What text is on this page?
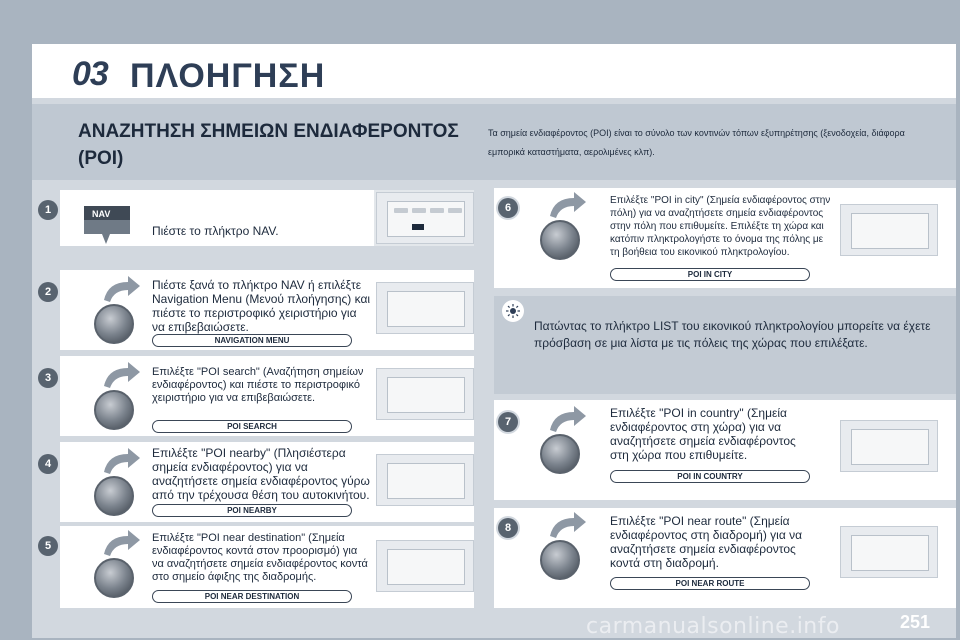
03 ΠΛΟΗΓΗΣΗ
ΑΝΑΖΗΤΗΣΗ ΣΗΜΕΙΩΝ ΕΝΔΙΑΦΕΡΟΝΤΟΣ (POI)
Τα σημεία ενδιαφέροντος (POI) είναι το σύνολο των κοντινών τόπων εξυπηρέτησης (ξενοδοχεία, διάφορα εμπορικά καταστήματα, αερολιμένες κλπ).
1	NAV
Πιέστε το πλήκτρο NAV.
2	Πιέστε ξανά το πλήκτρο NAV ή επιλέξτε Navigation Menu (Μενού πλοήγησης) και πιέστε το περιστροφικό χειριστήριο για να επιβεβαιώσετε.
NAVIGATION MENU
3	Επιλέξτε "POI search" (Αναζήτηση σημείων ενδιαφέροντος) και πιέστε το περιστροφικό χειριστήριο για να επιβεβαιώσετε.
POI SEARCH
4
Επιλέξτε "POI nearby" (Πλησιέστερα σημεία ενδιαφέροντος) για να αναζητήσετε σημεία ενδιαφέροντος γύρω από την τρέχουσα θέση του αυτοκινήτου.
POI NEARBY
5
Επιλέξτε "POI near destination" (Σημεία ενδιαφέροντος κοντά στον προορισμό) για να αναζητήσετε σημεία ενδιαφέροντος κοντά στο σημείο άφιξης της διαδρομής.
POI NEAR DESTINATION
6
Επιλέξτε "POI in city" (Σημεία ενδιαφέροντος στην πόλη) για να αναζητήσετε σημεία ενδιαφέροντος στην πόλη που επιθυμείτε. Επιλέξτε τη χώρα και κατόπιν πληκτρολογήστε το όνομα της πόλης με τη βοήθεια του εικονικού πληκτρολογίου.
POI IN CITY
Πατώντας το πλήκτρο LIST του εικονικού πληκτρολογίου μπορείτε να έχετε πρόσβαση σε μια λίστα με τις πόλεις της χώρας που επιλέξατε.
7
Επιλέξτε "POI in country" (Σημεία ενδιαφέροντος στη χώρα) για να αναζητήσετε σημεία ενδιαφέροντος στη χώρα που επιθυμείτε.
POI IN COUNTRY
8	Επιλέξτε "POI near route" (Σημεία ενδιαφέροντος στη διαδρομή) για να αναζητήσετε σημεία ενδιαφέροντος κοντά στη διαδρομή.
POI NEAR ROUTE
carmanualsonline.info	251
